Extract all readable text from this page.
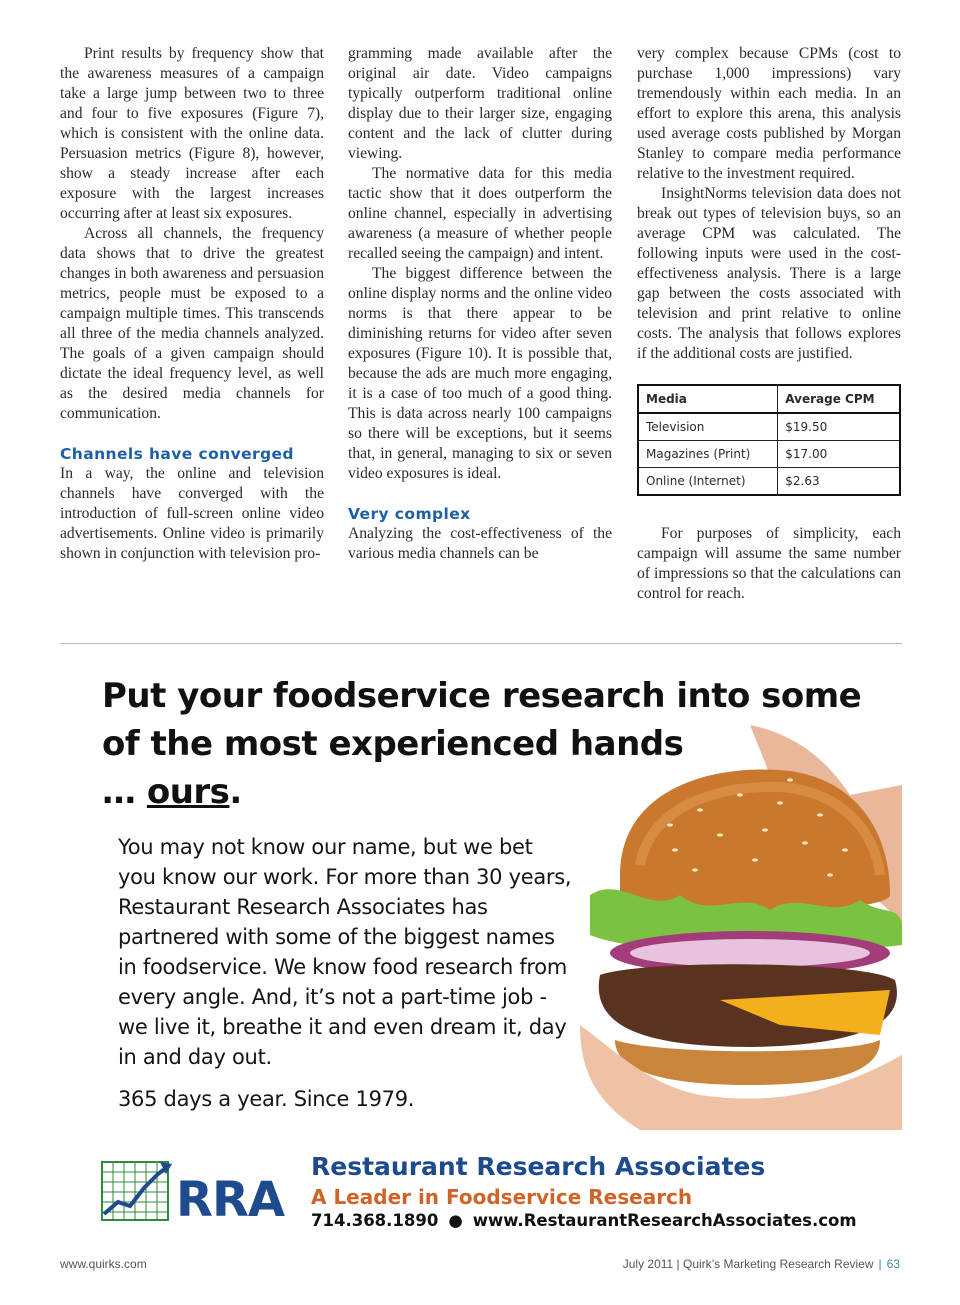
Print results by frequency show that the awareness measures of a campaign take a large jump between two to three and four to five exposures (Figure 7), which is consistent with the online data. Persuasion metrics (Figure 8), however, show a steady increase after each exposure with the largest increases occurring after at least six exposures.

Across all channels, the frequency data shows that to drive the greatest changes in both awareness and persuasion metrics, people must be exposed to a campaign multiple times. This transcends all three of the media channels analyzed. The goals of a given campaign should dictate the ideal frequency level, as well as the desired media channels for communication.

Channels have converged

In a way, the online and television channels have converged with the introduction of full-screen online video advertisements. Online video is primarily shown in conjunction with television pro-

gramming made available after the original air date. Video campaigns typically outperform traditional online display due to their larger size, engaging content and the lack of clutter during viewing.

The normative data for this media tactic show that it does outperform the online channel, especially in advertising awareness (a measure of whether people recalled seeing the campaign) and intent.

The biggest difference between the online display norms and the online video norms is that there appear to be diminishing returns for video after seven exposures (Figure 10). It is possible that, because the ads are much more engaging, it is a case of too much of a good thing. This is data across nearly 100 campaigns so there will be exceptions, but it seems that, in general, managing to six or seven video exposures is ideal.

Very complex

Analyzing the cost-effectiveness of the various media channels can be

very complex because CPMs (cost to purchase 1,000 impressions) vary tremendously within each media. In an effort to explore this arena, this analysis used average costs published by Morgan Stanley to compare media performance relative to the investment required.

InsightNorms television data does not break out types of television buys, so an average CPM was calculated. The following inputs were used in the cost-effectiveness analysis. There is a large gap between the costs associated with television and print relative to online costs. The analysis that follows explores if the additional costs are justified.

Media	Average CPM
Television	$19.50
Magazines (Print)	$17.00
Online (Internet)	$2.63

For purposes of simplicity, each campaign will assume the same number of impressions so that the calculations can control for reach.

Put your foodservice research into some
of the most experienced hands
… ours.

You may not know our name, but we bet you know our work. For more than 30 years, Restaurant Research Associates has partnered with some of the biggest names in foodservice. We know food research from every angle. And, it’s not a part-time job - we live it, breathe it and even dream it, day in and day out.

365 days a year. Since 1979.

RRA
Restaurant Research Associates
A Leader in Foodservice Research
714.368.1890 ● www.RestaurantResearchAssociates.com
www.quirks.com	July 2011 | Quirk’s Marketing Research Review | 63
